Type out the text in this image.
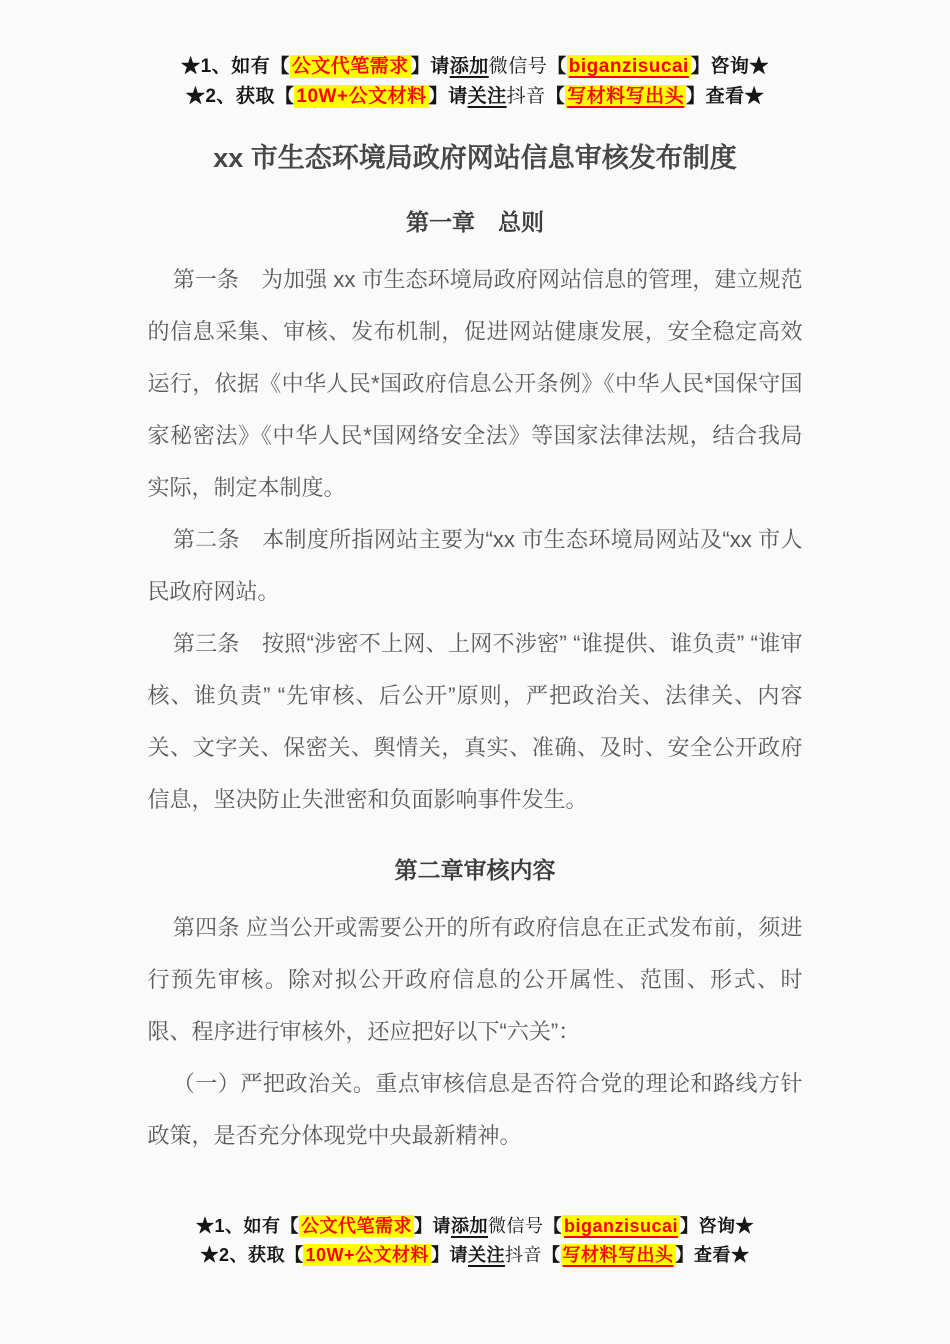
★1、如有【 公文代笔需求 】请添加微信号【 biganzisucai 】咨询★
★2、获取【 10W+公文材料 】请关注抖音【 写材料写出头 】查看★
xx 市生态环境局政府网站信息审核发布制度
第一章　总则

第一条　为加强 xx 市生态环境局政府网站信息的管理，建立规范的信息采集、审核、发布机制，促进网站健康发展，安全稳定高效运行，依据《中华人民*国政府信息公开条例》《中华人民*国保守国家秘密法》《中华人民*国网络安全法》等国家法律法规，结合我局实际，制定本制度。

第二条　本制度所指网站主要为“xx 市生态环境局网站及“xx 市人民政府网站。

第三条　按照“涉密不上网、上网不涉密” “谁提供、谁负责” “谁审核、谁负责” “先审核、后公开”原则，严把政治关、法律关、内容关、文字关、保密关、舆情关，真实、准确、及时、安全公开政府信息，坚决防止失泄密和负面影响事件发生。

第二章审核内容

第四条 应当公开或需要公开的所有政府信息在正式发布前，须进行预先审核。除对拟公开政府信息的公开属性、范围、形式、时限、程序进行审核外，还应把好以下“六关”：

（一）严把政治关。重点审核信息是否符合党的理论和路线方针政策，是否充分体现党中央最新精神。

★1、如有【 公文代笔需求 】请添加微信号【 biganzisucai 】咨询★
★2、获取【 10W+公文材料 】请关注抖音【 写材料写出头 】查看★
